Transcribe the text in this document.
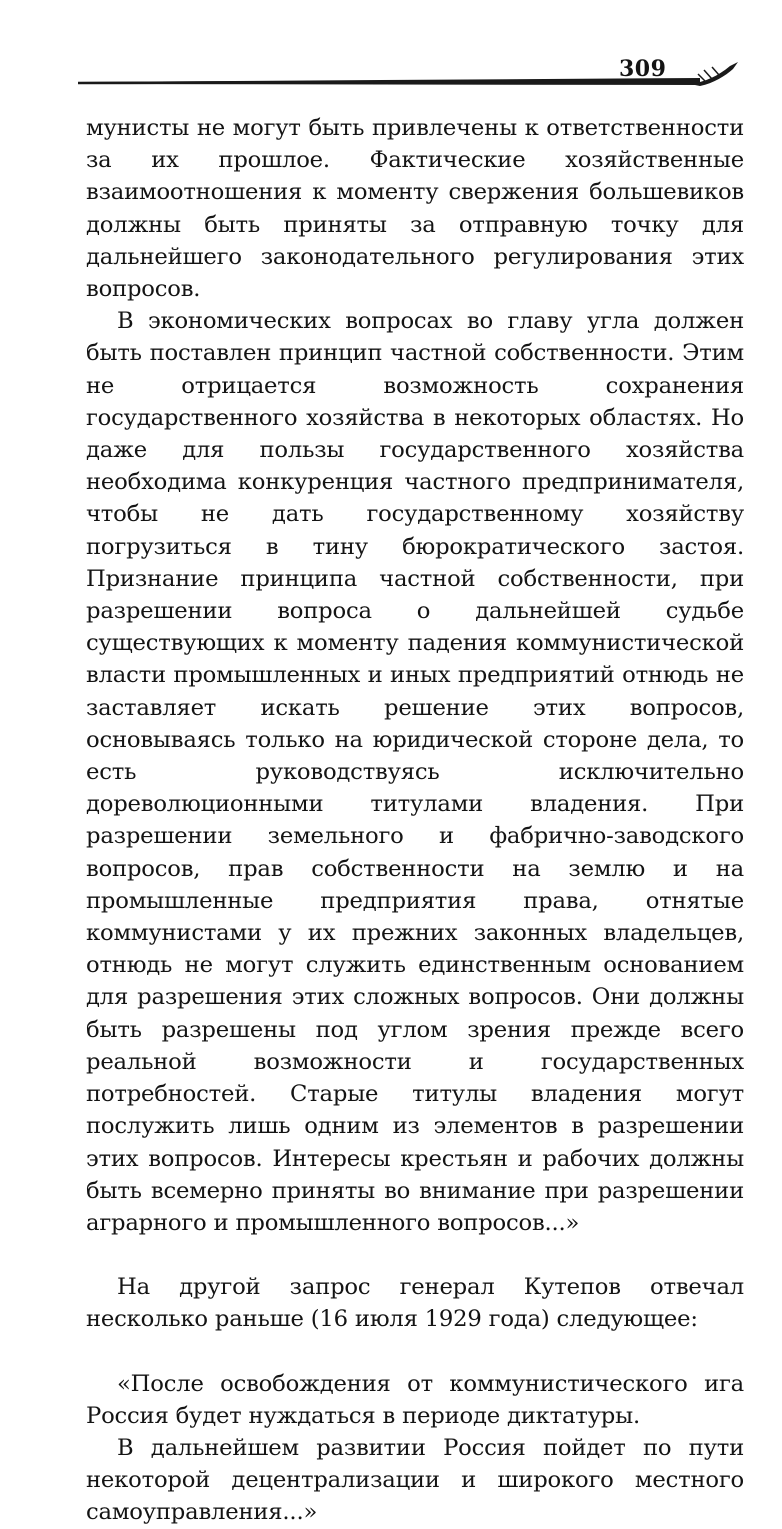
309

мунисты не могут быть привлечены к ответственности за их прошлое. Фактические хозяйственные взаимоотношения к моменту свержения большевиков должны быть приняты за отправную точку для дальнейшего законодательного регулирования этих вопросов.

В экономических вопросах во главу угла должен быть поставлен принцип частной собственности. Этим не отрицается возможность сохранения государственного хозяйства в некоторых областях. Но даже для пользы государственного хозяйства необходима конкуренция частного предпринимателя, чтобы не дать государственному хозяйству погрузиться в тину бюрократического застоя. Признание принципа частной собственности, при разрешении вопроса о дальнейшей судьбе существующих к моменту падения коммунистической власти промышленных и иных предприятий отнюдь не заставляет искать решение этих вопросов, основываясь только на юридической стороне дела, то есть руководствуясь исключительно дореволюционными титулами владения. При разрешении земельного и фабрично-заводского вопросов, прав собственности на землю и на промышленные предприятия права, отнятые коммунистами у их прежних законных владельцев, отнюдь не могут служить единственным основанием для разрешения этих сложных вопросов. Они должны быть разрешены под углом зрения прежде всего реальной возможности и государственных потребностей. Старые титулы владения могут послужить лишь одним из элементов в разрешении этих вопросов. Интересы крестьян и рабочих должны быть всемерно приняты во внимание при разрешении аграрного и промышленного вопросов...»

На другой запрос генерал Кутепов отвечал несколько раньше (16 июля 1929 года) следующее:

«После освобождения от коммунистического ига Россия будет нуждаться в периоде диктатуры.

В дальнейшем развитии Россия пойдет по пути некоторой децентрализации и широкого местного самоуправления...»
